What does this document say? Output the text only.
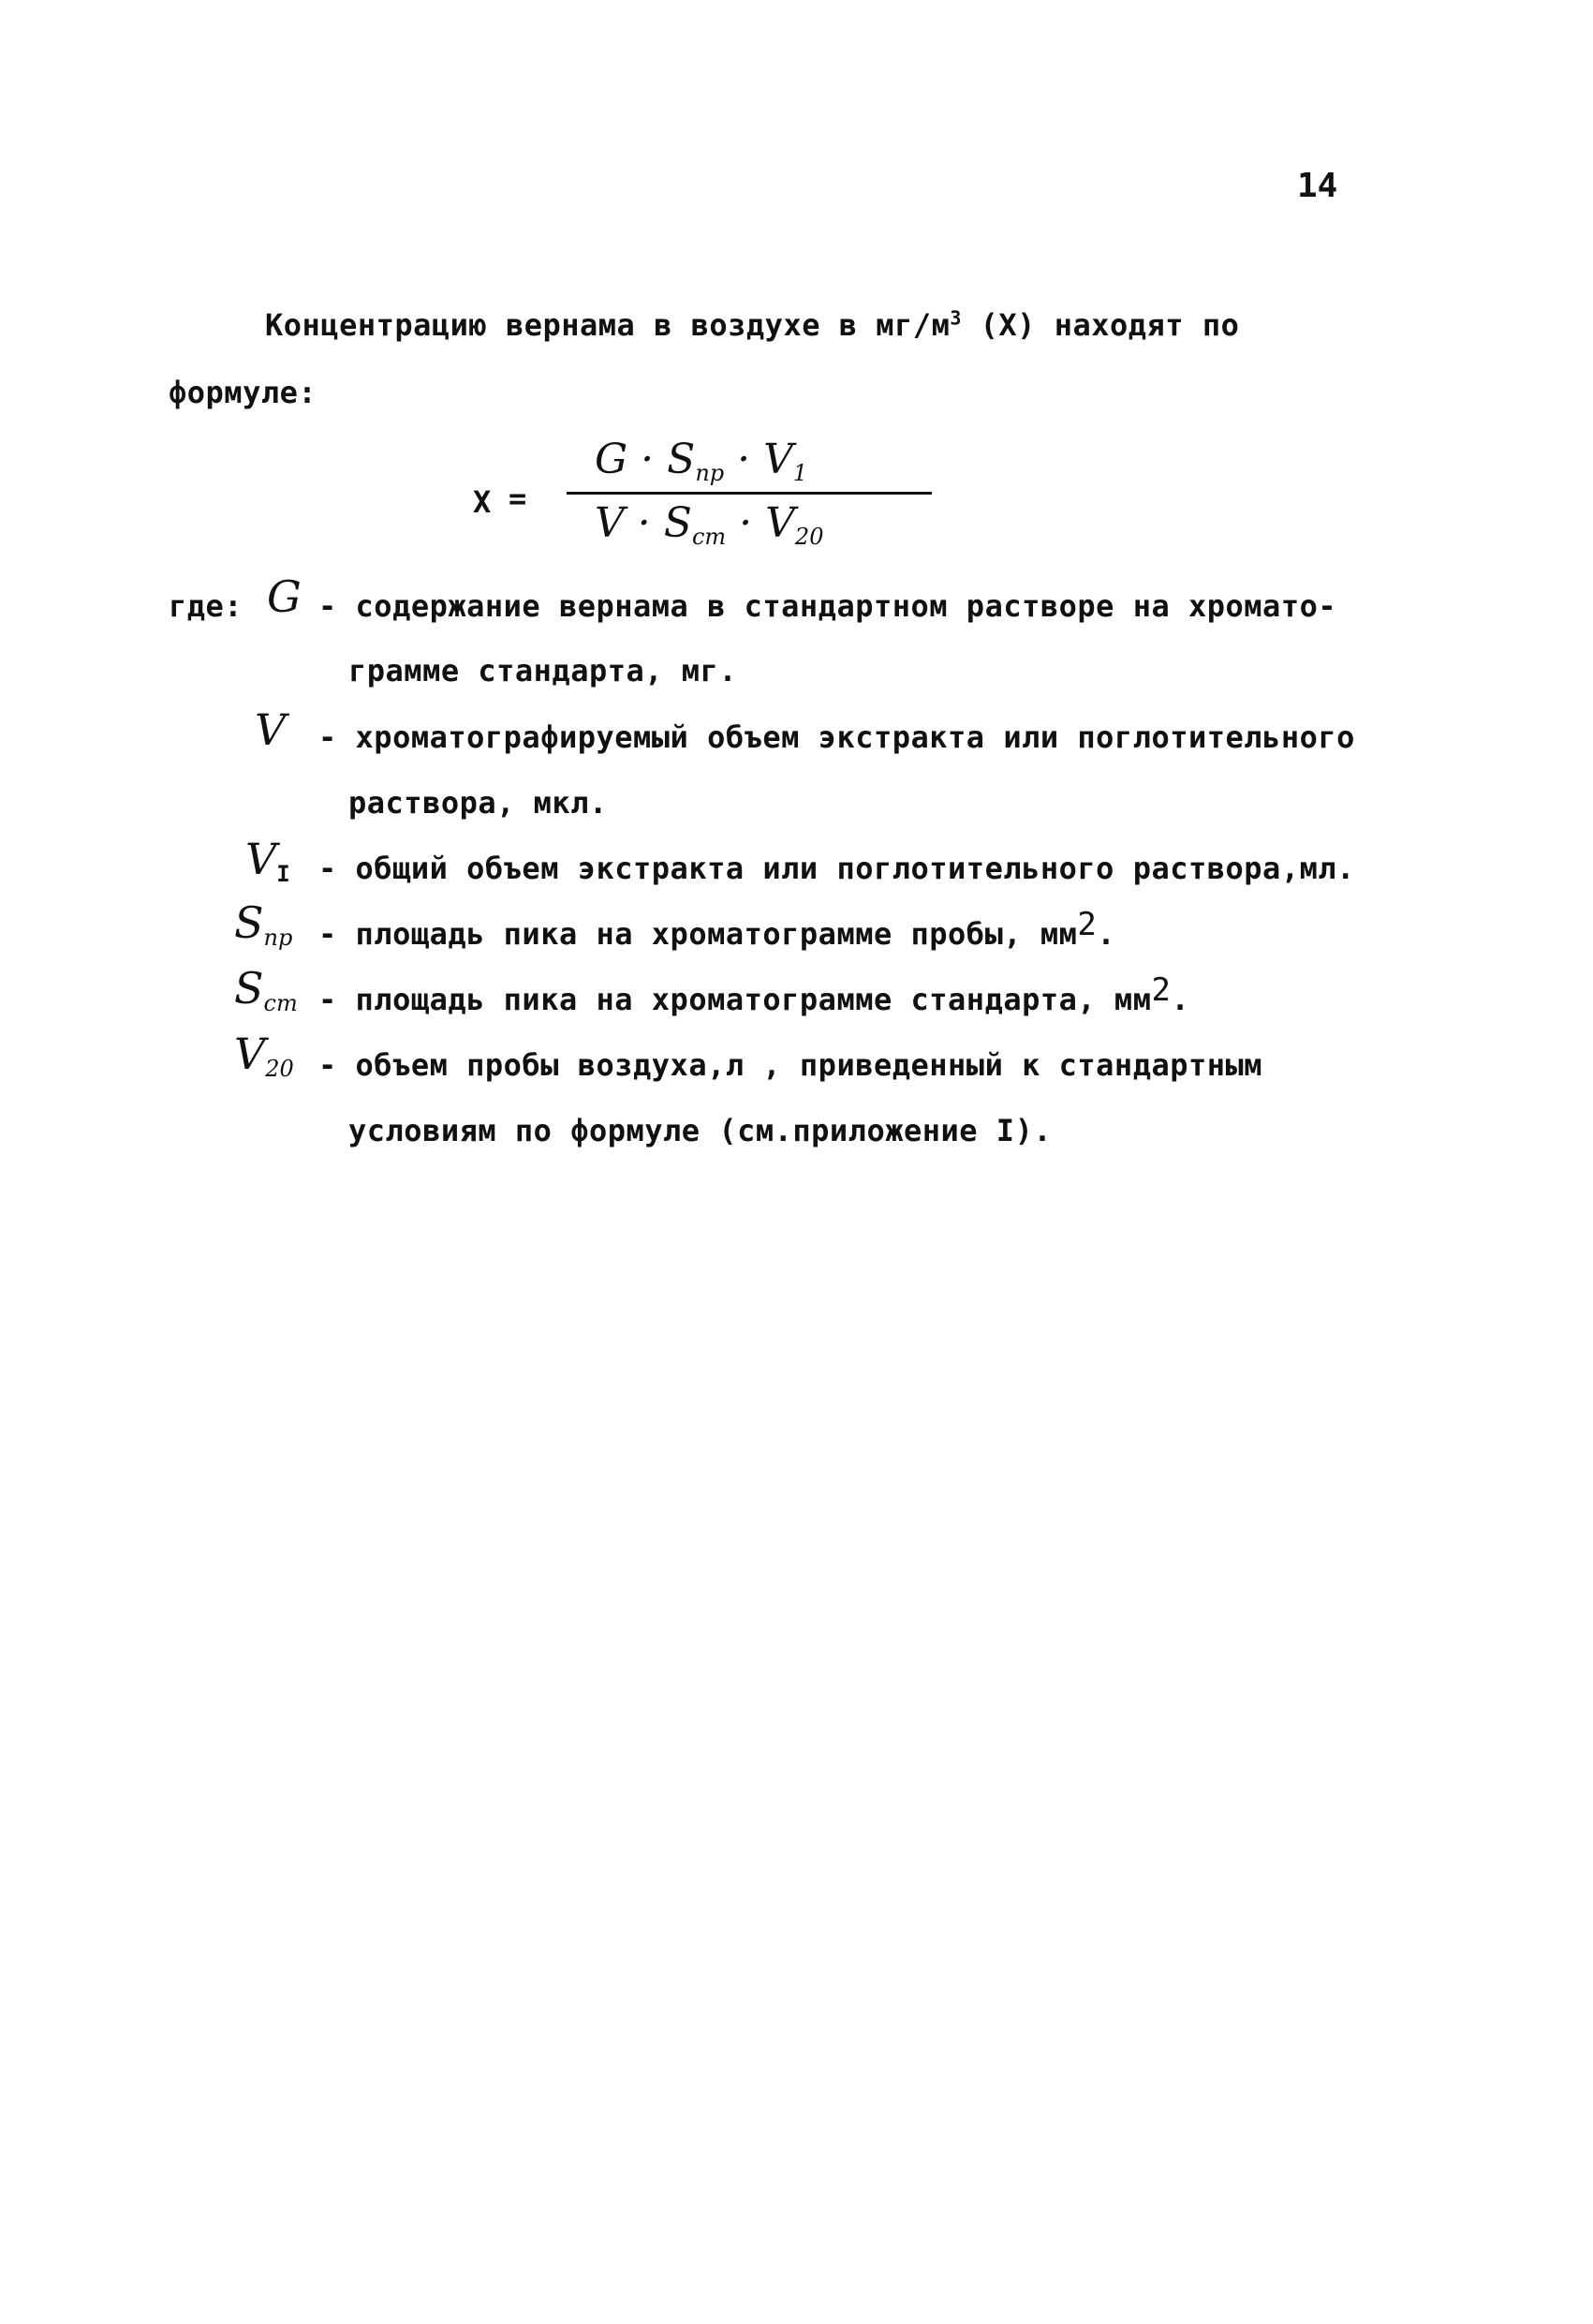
14
Концентрацию вернама в воздухе в $мг/м^3$ (X) находят по
формуле:
X =
$G \cdot S_{пр} \cdot V_1$
$V \cdot S_{ст} \cdot V_{20}$
где: G - содержание вернама в стандартном растворе на хромато-
грамме стандарта, мг.
V - хроматографируемый объем экстракта или поглотительного
раствора, мкл.
$V_I$ - общий объем экстракта или поглотительного раствора,мл.
$S_{пр}$ - площадь пика на хроматограмме пробы, $мм^2$.
$S_{ст}$ - площадь пика на хроматограмме стандарта, $мм^2$.
$V_{20}$ - объем пробы воздуха,л , приведенный к стандартным
условиям по формуле (см.приложение I).
